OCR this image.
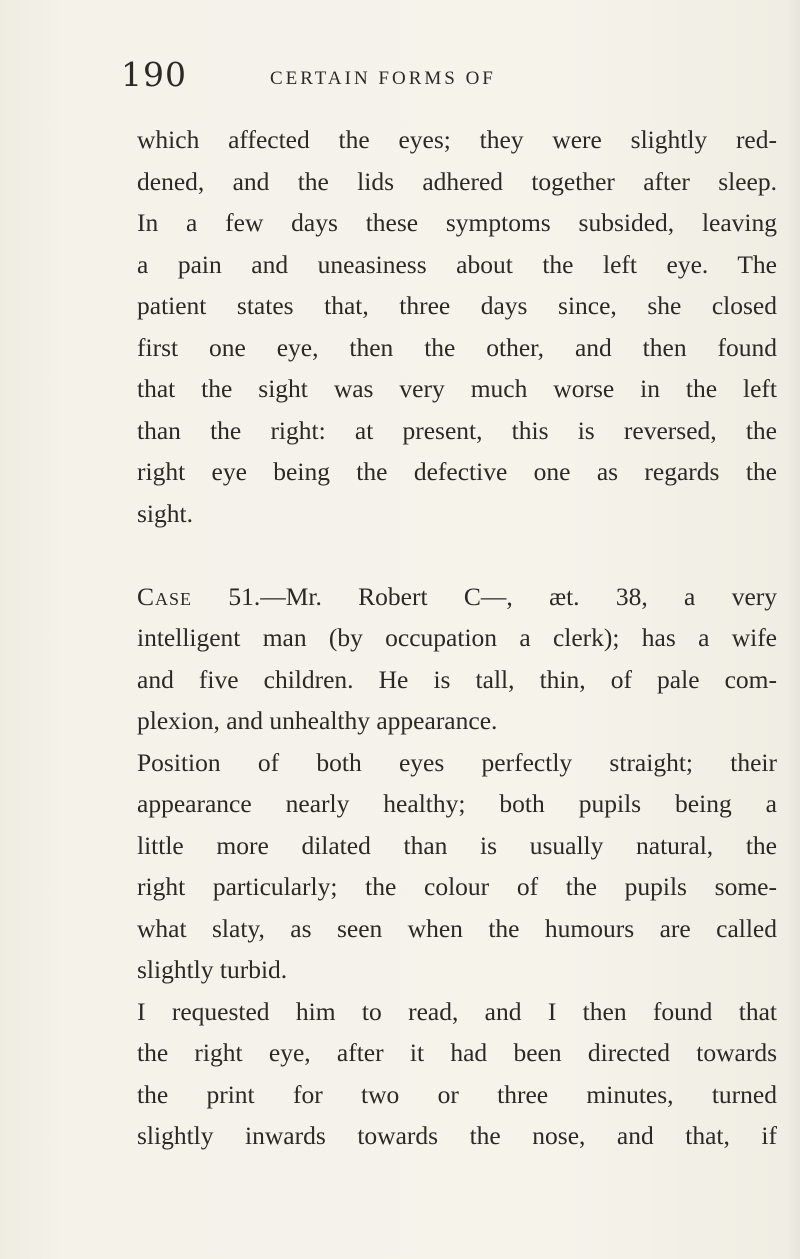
190	CERTAIN FORMS OF
which affected the eyes; they were slightly red-
dened, and the lids adhered together after sleep.
In a few days these symptoms subsided, leaving
a pain and uneasiness about the left eye. The
patient states that, three days since, she closed
first one eye, then the other, and then found
that the sight was very much worse in the left
than the right: at present, this is reversed, the
right eye being the defective one as regards the
sight.
Case 51.—Mr. Robert C—, æt. 38, a very
intelligent man (by occupation a clerk); has a wife
and five children. He is tall, thin, of pale com-
plexion, and unhealthy appearance.
Position of both eyes perfectly straight; their
appearance nearly healthy; both pupils being a
little more dilated than is usually natural, the
right particularly; the colour of the pupils some-
what slaty, as seen when the humours are called
slightly turbid.
I requested him to read, and I then found that
the right eye, after it had been directed towards
the print for two or three minutes, turned
slightly inwards towards the nose, and that, if
